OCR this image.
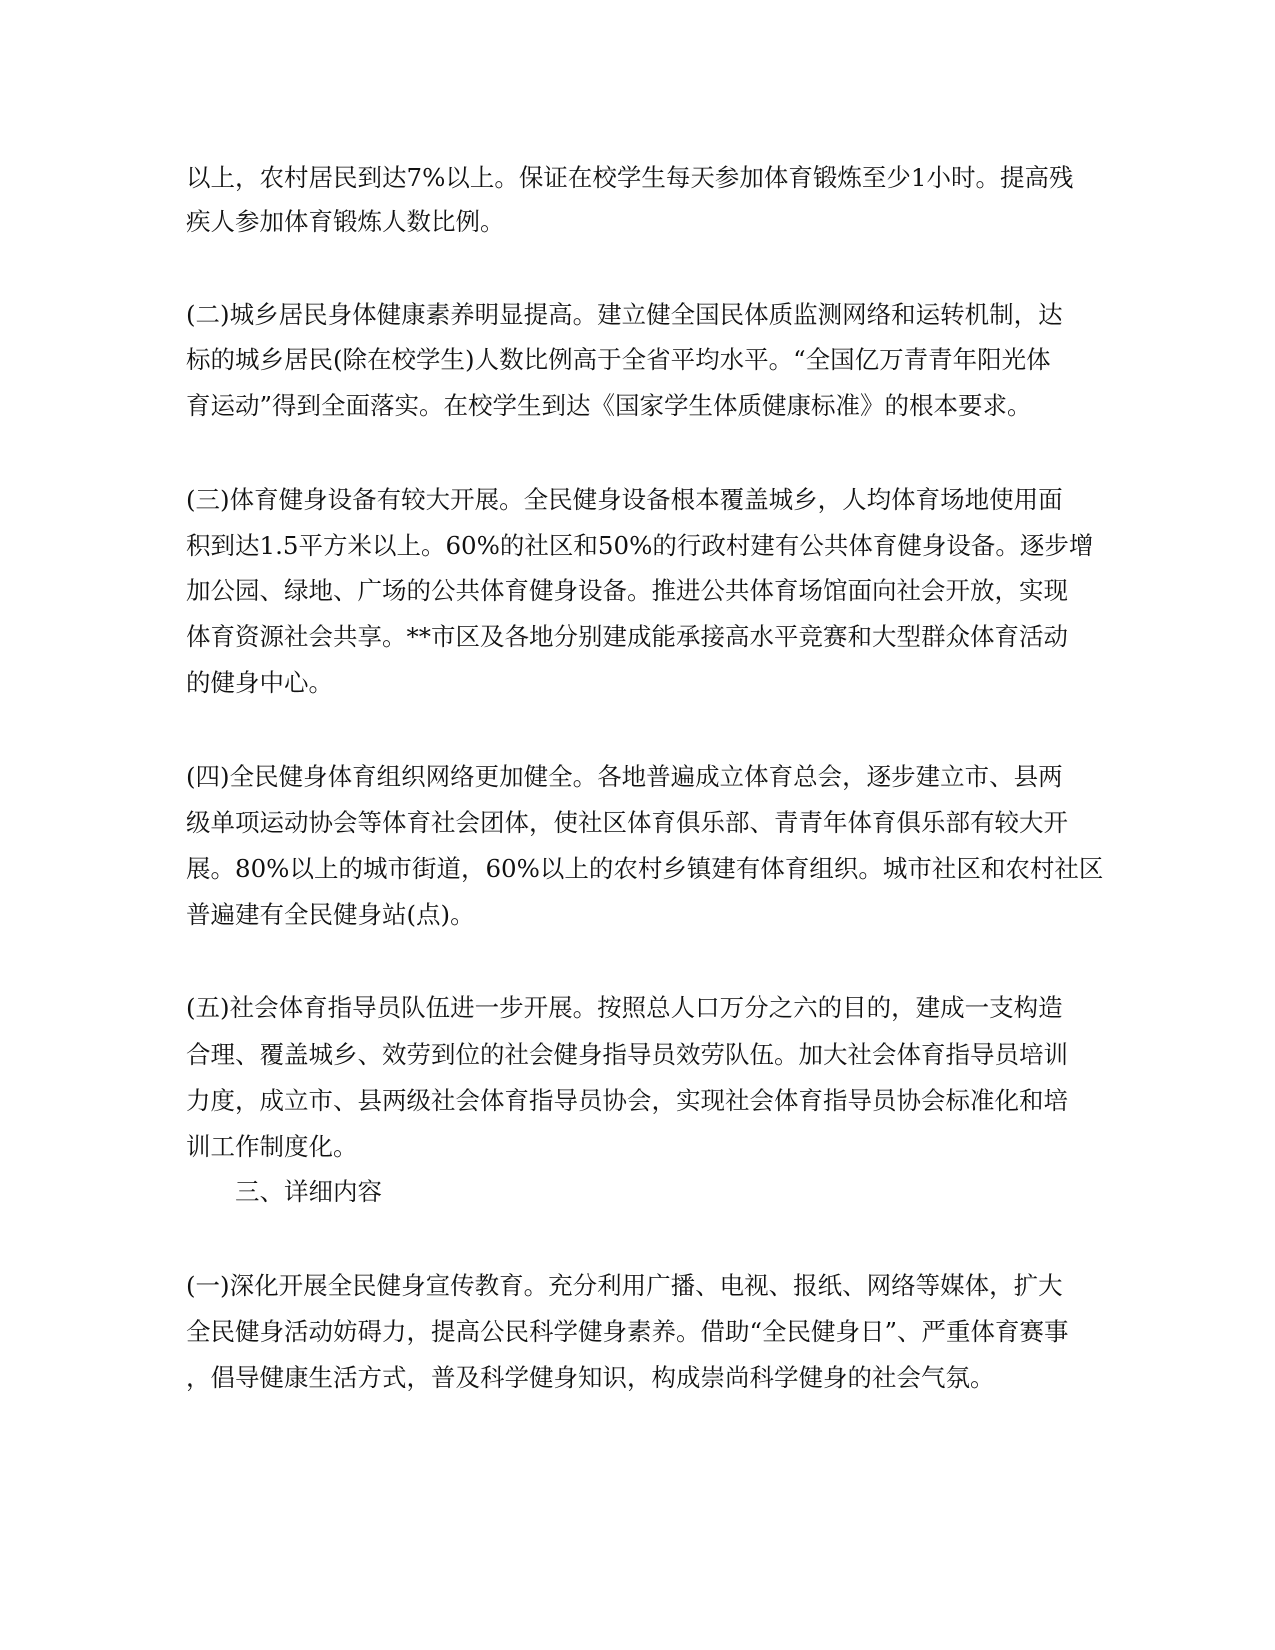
以上，农村居民到达7%以上。保证在校学生每天参加体育锻炼至少1小时。提高残

疾人参加体育锻炼人数比例。

(二)城乡居民身体健康素养明显提高。建立健全国民体质监测网络和运转机制，达

标的城乡居民(除在校学生)人数比例高于全省平均水平。“全国亿万青青年阳光体

育运动”得到全面落实。在校学生到达《国家学生体质健康标准》的根本要求。

(三)体育健身设备有较大开展。全民健身设备根本覆盖城乡，人均体育场地使用面

积到达1.5平方米以上。60%的社区和50%的行政村建有公共体育健身设备。逐步增

加公园、绿地、广场的公共体育健身设备。推进公共体育场馆面向社会开放，实现

体育资源社会共享。**市区及各地分别建成能承接高水平竞赛和大型群众体育活动

的健身中心。

(四)全民健身体育组织网络更加健全。各地普遍成立体育总会，逐步建立市、县两

级单项运动协会等体育社会团体，使社区体育俱乐部、青青年体育俱乐部有较大开

展。80%以上的城市街道，60%以上的农村乡镇建有体育组织。城市社区和农村社区

普遍建有全民健身站(点)。

(五)社会体育指导员队伍进一步开展。按照总人口万分之六的目的，建成一支构造

合理、覆盖城乡、效劳到位的社会健身指导员效劳队伍。加大社会体育指导员培训

力度，成立市、县两级社会体育指导员协会，实现社会体育指导员协会标准化和培

训工作制度化。

三、详细内容

(一)深化开展全民健身宣传教育。充分利用广播、电视、报纸、网络等媒体，扩大

全民健身活动妨碍力，提高公民科学健身素养。借助“全民健身日”、严重体育赛事

，倡导健康生活方式，普及科学健身知识，构成崇尚科学健身的社会气氛。
